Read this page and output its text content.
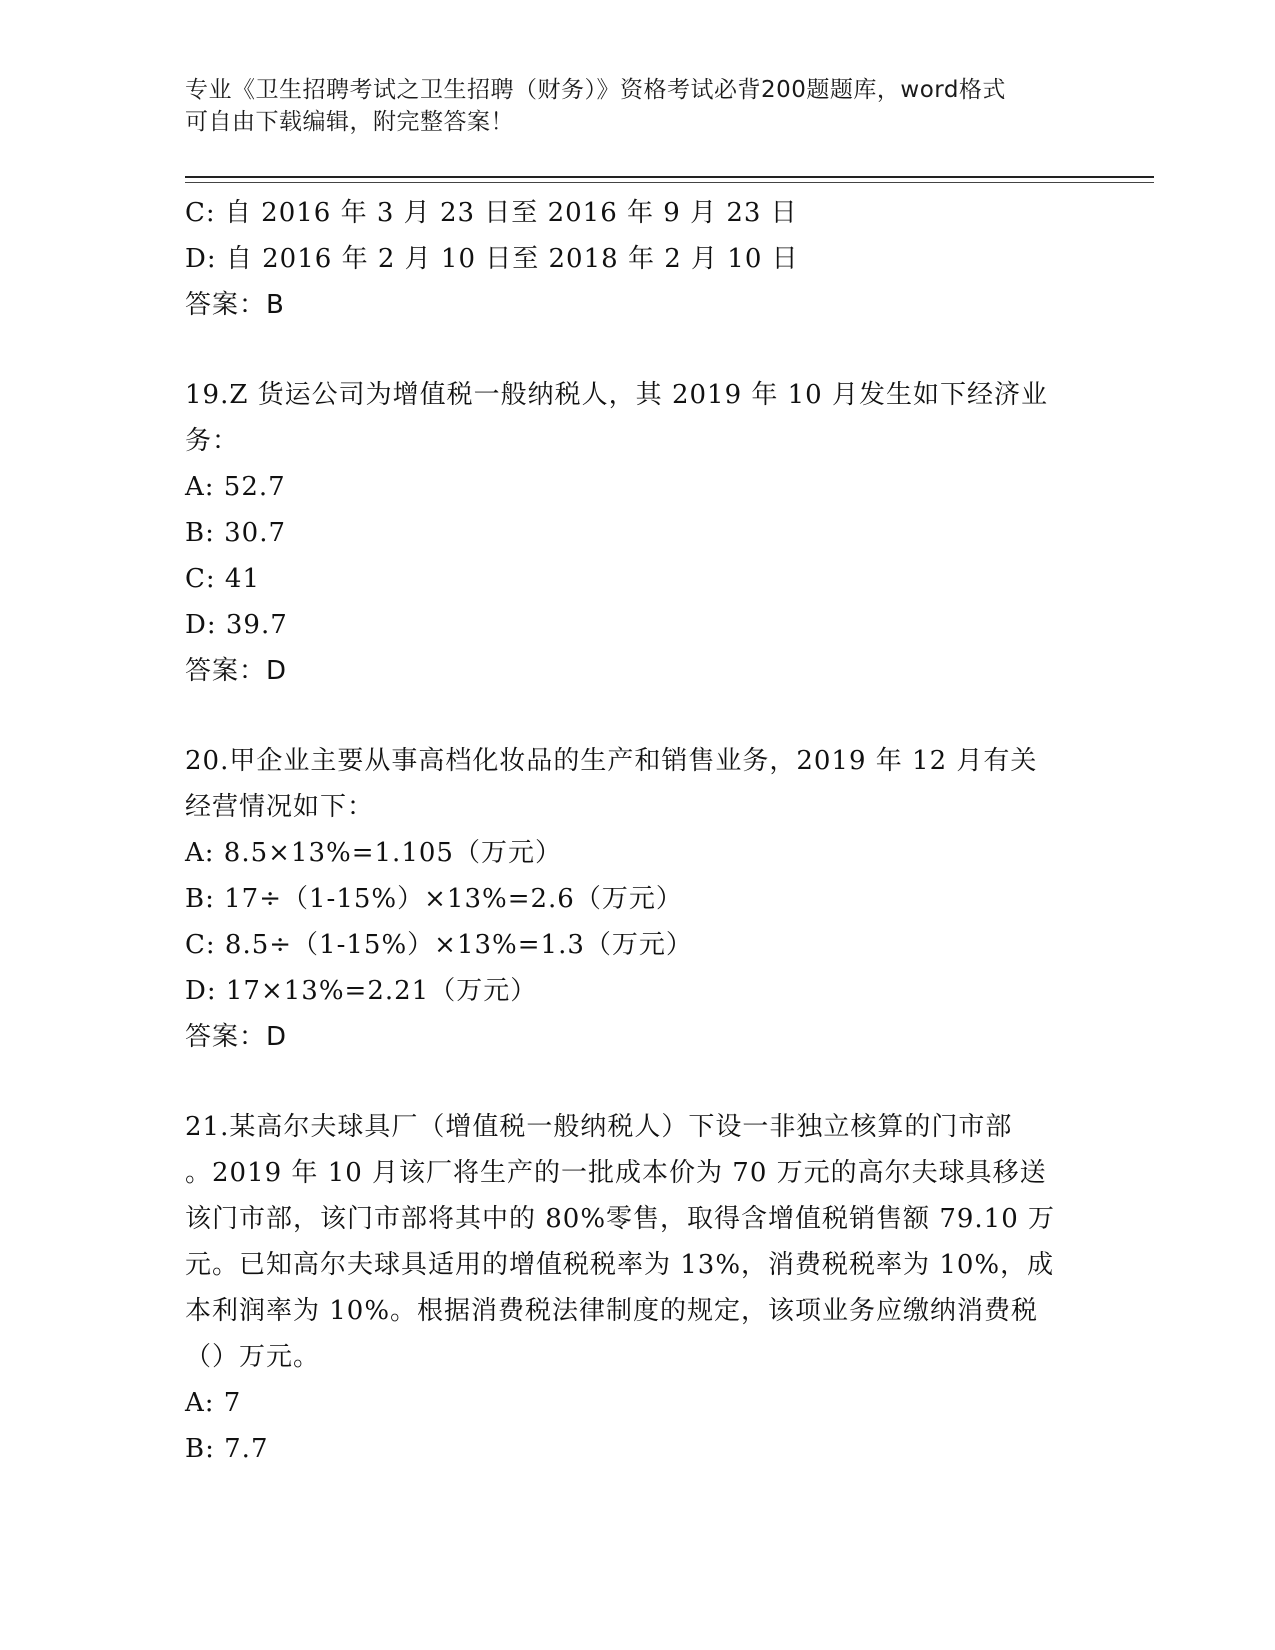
专业《卫生招聘考试之卫生招聘（财务）》资格考试必背200题题库，word格式
可自由下载编辑，附完整答案！
C: 自 2016 年 3 月 23 日至 2016 年 9 月 23 日
D: 自 2016 年 2 月 10 日至 2018 年 2 月 10 日
答案：B
19.Z 货运公司为增值税一般纳税人，其 2019 年 10 月发生如下经济业
务：
A: 52.7
B: 30.7
C: 41
D: 39.7
答案：D
20.甲企业主要从事高档化妆品的生产和销售业务，2019 年 12 月有关
经营情况如下：
A: 8.5×13%=1.105（万元）
B: 17÷（1-15%）×13%=2.6（万元）
C: 8.5÷（1-15%）×13%=1.3（万元）
D: 17×13%=2.21（万元）
答案：D
21.某高尔夫球具厂（增值税一般纳税人）下设一非独立核算的门市部
。2019 年 10 月该厂将生产的一批成本价为 70 万元的高尔夫球具移送
该门市部，该门市部将其中的 80%零售，取得含增值税销售额 79.10 万
元。已知高尔夫球具适用的增值税税率为 13%，消费税税率为 10%，成
本利润率为 10%。根据消费税法律制度的规定，该项业务应缴纳消费税
（）万元。
A: 7
B: 7.7
